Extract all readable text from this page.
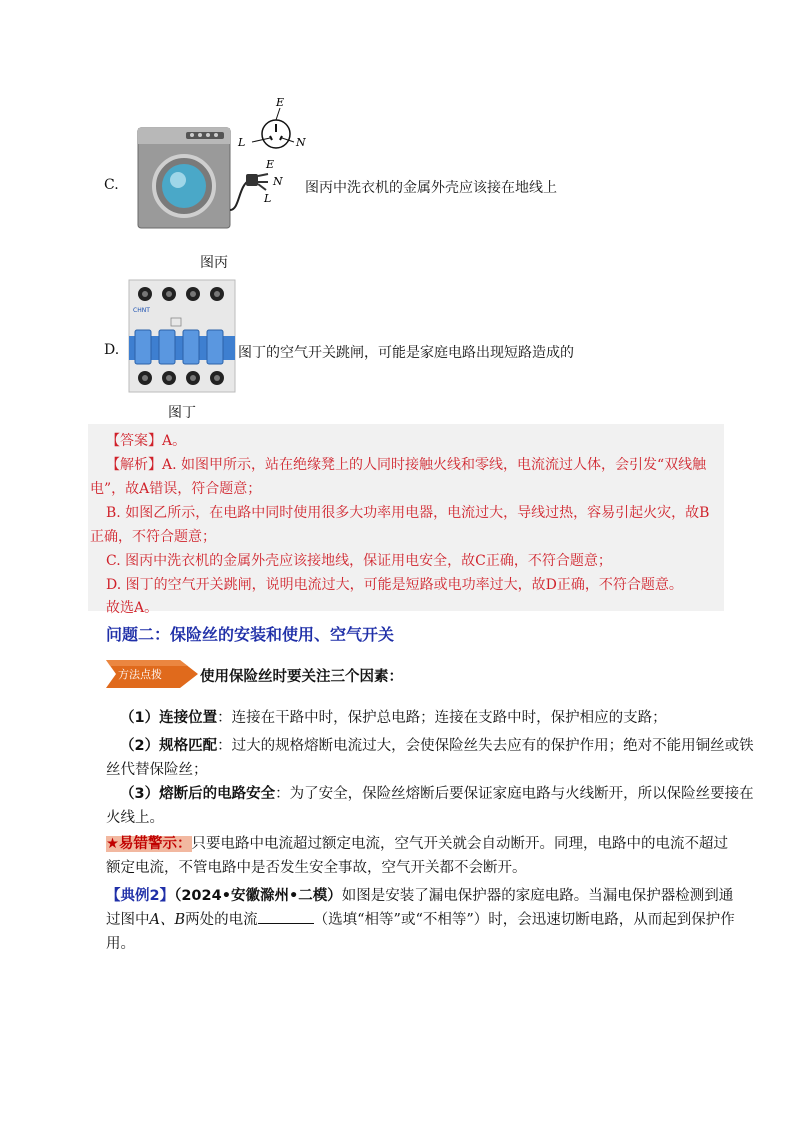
C.
E
N
L
E
L	N
图丙中洗衣机的金属外壳应该接在地线上
图丙
D.
CHNT
图丁的空气开关跳闸，可能是家庭电路出现短路造成的
图丁
【答案】A。
【解析】A. 如图甲所示，站在绝缘凳上的人同时接触火线和零线，电流流过人体，会引发“双线触
电”，故A错误，符合题意；
B. 如图乙所示，在电路中同时使用很多大功率用电器，电流过大，导线过热，容易引起火灾，故B
正确，不符合题意；
C. 图丙中洗衣机的金属外壳应该接地线，保证用电安全，故C正确，不符合题意；
D. 图丁的空气开关跳闸，说明电流过大，可能是短路或电功率过大，故D正确，不符合题意。
故选A。
问题二：保险丝的安装和使用、空气开关
方法点拨	使用保险丝时要关注三个因素：
（1）连接位置：连接在干路中时，保护总电路；连接在支路中时，保护相应的支路；
（2）规格匹配：过大的规格熔断电流过大，会使保险丝失去应有的保护作用；绝对不能用铜丝或铁
丝代替保险丝；
（3）熔断后的电路安全：为了安全，保险丝熔断后要保证家庭电路与火线断开，所以保险丝要接在
火线上。
★易错警示：只要电路中电流超过额定电流，空气开关就会自动断开。同理，电路中的电流不超过
额定电流，不管电路中是否发生安全事故，空气开关都不会断开。
【典例2】（2024•安徽滁州•二模）如图是安装了漏电保护器的家庭电路。当漏电保护器检测到通
过图中A、B两处的电流	（选填“相等”或“不相等”）时，会迅速切断电路，从而起到保护作
用。
